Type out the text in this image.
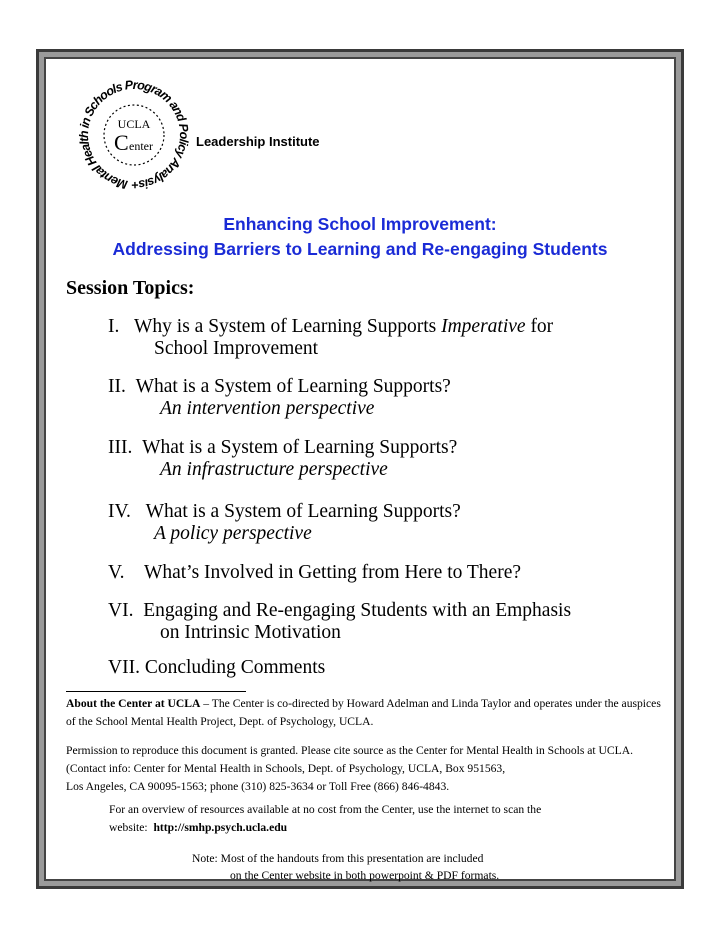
Mental Health in Schools Program and Policy Analysis+
UCLA
C enter	Leadership Institute
Enhancing School Improvement:
Addressing Barriers to Learning and Re-engaging Students
Session Topics:
I. Why is a System of Learning Supports Imperative for
School Improvement
II. What is a System of Learning Supports?
An intervention perspective
III. What is a System of Learning Supports?
An infrastructure perspective
IV. What is a System of Learning Supports?
A policy perspective
V. What’s Involved in Getting from Here to There?
VI. Engaging and Re-engaging Students with an Emphasis
on Intrinsic Motivation
VII. Concluding Comments
About the Center at UCLA – The Center is co-directed by Howard Adelman and Linda Taylor and operates under the auspices of the School Mental Health Project, Dept. of Psychology, UCLA.
Permission to reproduce this document is granted. Please cite source as the Center for Mental Health in Schools at UCLA.
(Contact info: Center for Mental Health in Schools, Dept. of Psychology, UCLA, Box 951563,
Los Angeles, CA 90095-1563; phone (310) 825-3634 or Toll Free (866) 846-4843.
For an overview of resources available at no cost from the Center, use the internet to scan the
website:  http://smhp.psych.ucla.edu
Note: Most of the handouts from this presentation are included
on the Center website in both powerpoint & PDF formats.
